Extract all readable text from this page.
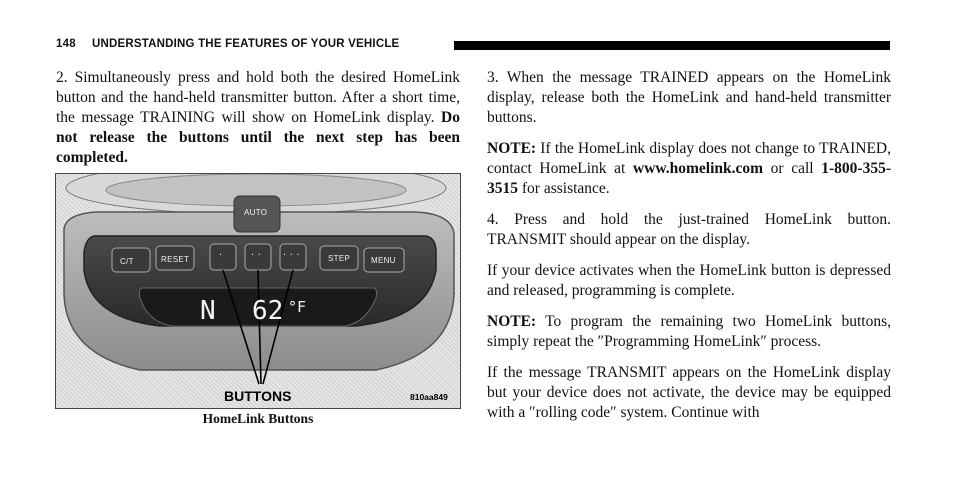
148 UNDERSTANDING THE FEATURES OF YOUR VEHICLE

2. Simultaneously press and hold both the desired HomeLink button and the hand-held transmitter button. After a short time, the message TRAINING will show on HomeLink display. Do not release the buttons until the next step has been completed.

AUTO
C/T	RESET
.	. . . . .
STEP	MENU
N 62 °F
BUTTONS	810aa849
HomeLink Buttons

3. When the message TRAINED appears on the HomeLink display, release both the HomeLink and hand-held transmitter buttons.

NOTE: If the HomeLink display does not change to TRAINED, contact HomeLink at www.homelink.com or call 1-800-355-3515 for assistance.

4. Press and hold the just-trained HomeLink button. TRANSMIT should appear on the display.

If your device activates when the HomeLink button is depressed and released, programming is complete.

NOTE: To program the remaining two HomeLink buttons, simply repeat the ″Programming HomeLink″ process.

If the message TRANSMIT appears on the HomeLink display but your device does not activate, the device may be equipped with a ″rolling code″ system. Continue with
